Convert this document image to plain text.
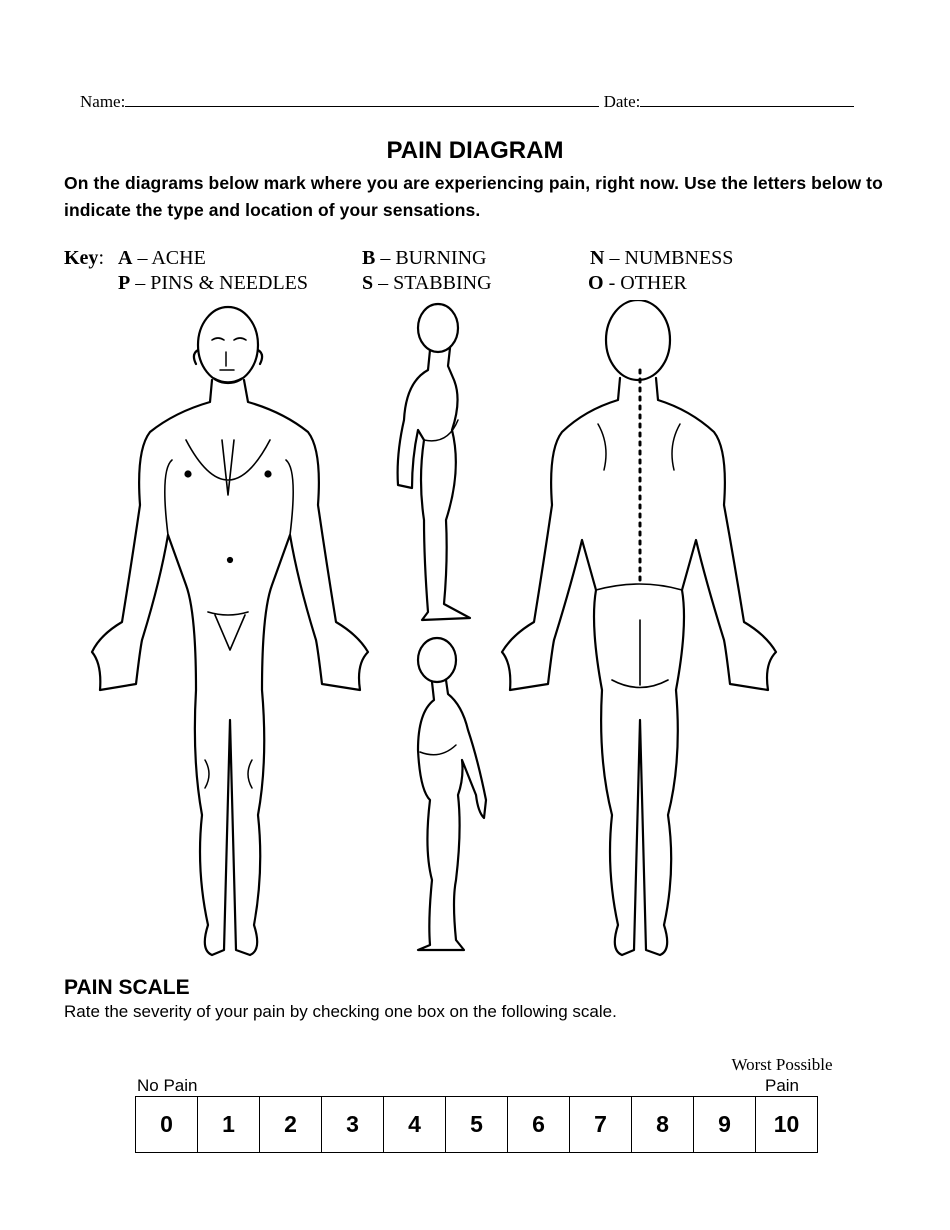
Name:	Date:
PAIN DIAGRAM
On the diagrams below mark where you are experiencing pain, right now. Use the letters below to indicate the type and location of your sensations.
Key: A – ACHE	B – BURNING	N – NUMBNESS
P – PINS & NEEDLES	S – STABBING	O - OTHER
PAIN SCALE
Rate the severity of your pain by checking one box on the following scale.
No Pain
Worst Possible
Pain
0	1	2	3	4	5	6	7	8	9	10
